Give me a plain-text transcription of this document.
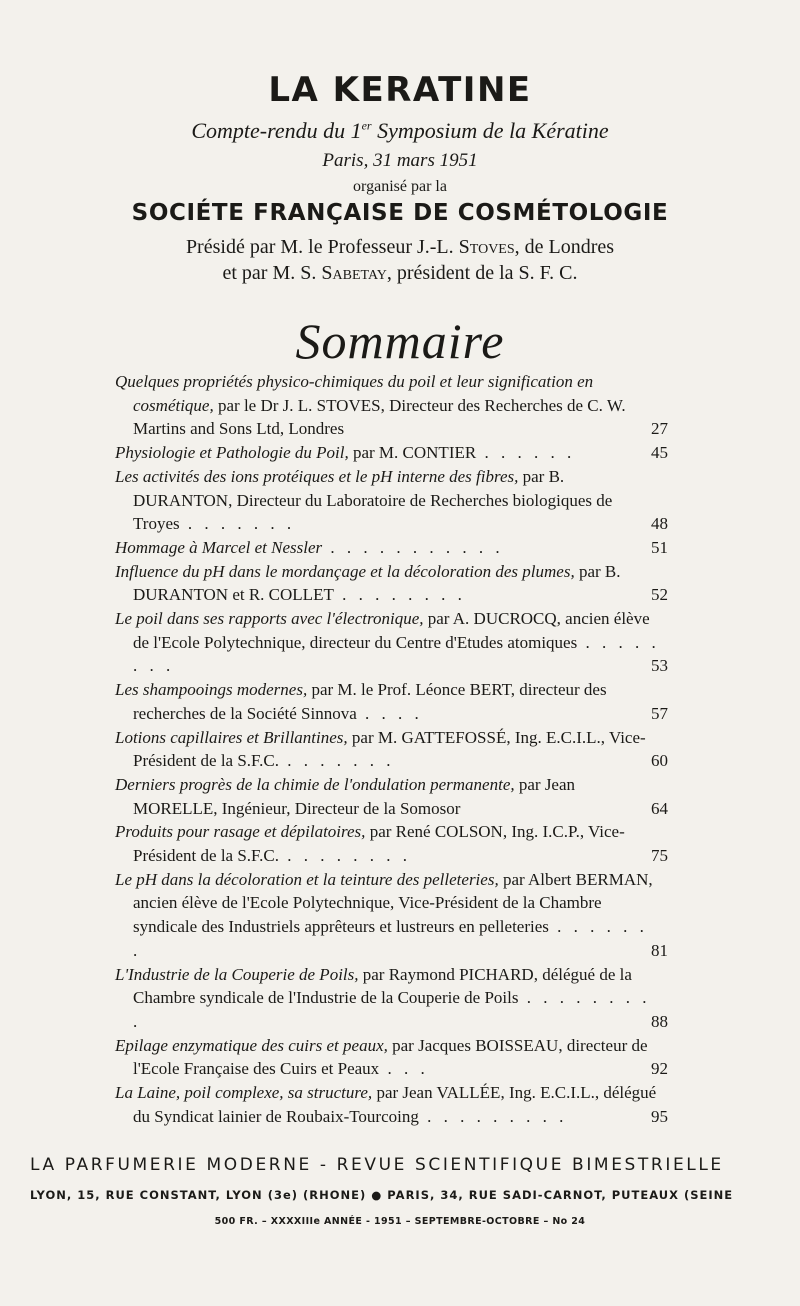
LA KERATINE
Compte-rendu du 1er Symposium de la Kératine
Paris, 31 mars 1951
organisé par la
SOCIÉTE FRANÇAISE DE COSMÉTOLOGIE
Présidé par M. le Professeur J.-L. Stoves, de Londres
et par M. S. Sabetay, président de la S. F. C.
Sommaire
Quelques propriétés physico-chimiques du poil et leur signification en cosmétique, par le Dr J. L. STOVES, Directeur des Recherches de C. W. Martins and Sons Ltd, Londres	27
Physiologie et Pathologie du Poil, par M. CONTIER . . . . . .	45
Les activités des ions protéiques et le pH interne des fibres, par B. DURANTON, Directeur du Laboratoire de Recherches biologiques de Troyes . . . . . . .	48
Hommage à Marcel et Nessler . . . . . . . . . . .	51
Influence du pH dans le mordançage et la décoloration des plumes, par B. DURANTON et R. COLLET . . . . . . . .	52
Le poil dans ses rapports avec l'électronique, par A. DUCROCQ, ancien élève de l'Ecole Polytechnique, directeur du Centre d'Etudes atomiques . . . . . . . .	53
Les shampooings modernes, par M. le Prof. Léonce BERT, directeur des recherches de la Société Sinnova . . . .	57
Lotions capillaires et Brillantines, par M. GATTEFOSSÉ, Ing. E.C.I.L., Vice-Président de la S.F.C. . . . . . . .	60
Derniers progrès de la chimie de l'ondulation permanente, par Jean MORELLE, Ingénieur, Directeur de la Somosor	64
Produits pour rasage et dépilatoires, par René COLSON, Ing. I.C.P., Vice-Président de la S.F.C. . . . . . . . .	75
Le pH dans la décoloration et la teinture des pelleteries, par Albert BERMAN, ancien élève de l'Ecole Polytechnique, Vice-Président de la Chambre syndicale des Industriels apprêteurs et lustreurs en pelleteries . . . . . . .	81
L'Industrie de la Couperie de Poils, par Raymond PICHARD, délégué de la Chambre syndicale de l'Industrie de la Couperie de Poils . . . . . . . . .	88
Epilage enzymatique des cuirs et peaux, par Jacques BOISSEAU, directeur de l'Ecole Française des Cuirs et Peaux . . .	92
La Laine, poil complexe, sa structure, par Jean VALLÉE, Ing. E.C.I.L., délégué du Syndicat lainier de Roubaix-Tourcoing . . . . . . . . .	95
LA PARFUMERIE MODERNE - REVUE SCIENTIFIQUE BIMESTRIELLE
LYON, 15, RUE CONSTANT, LYON (3e) (RHONE) ● PARIS, 34, RUE SADI-CARNOT, PUTEAUX (SEINE
500 FR. – XXXXIIIe ANNÉE - 1951 – SEPTEMBRE-OCTOBRE – No 24
